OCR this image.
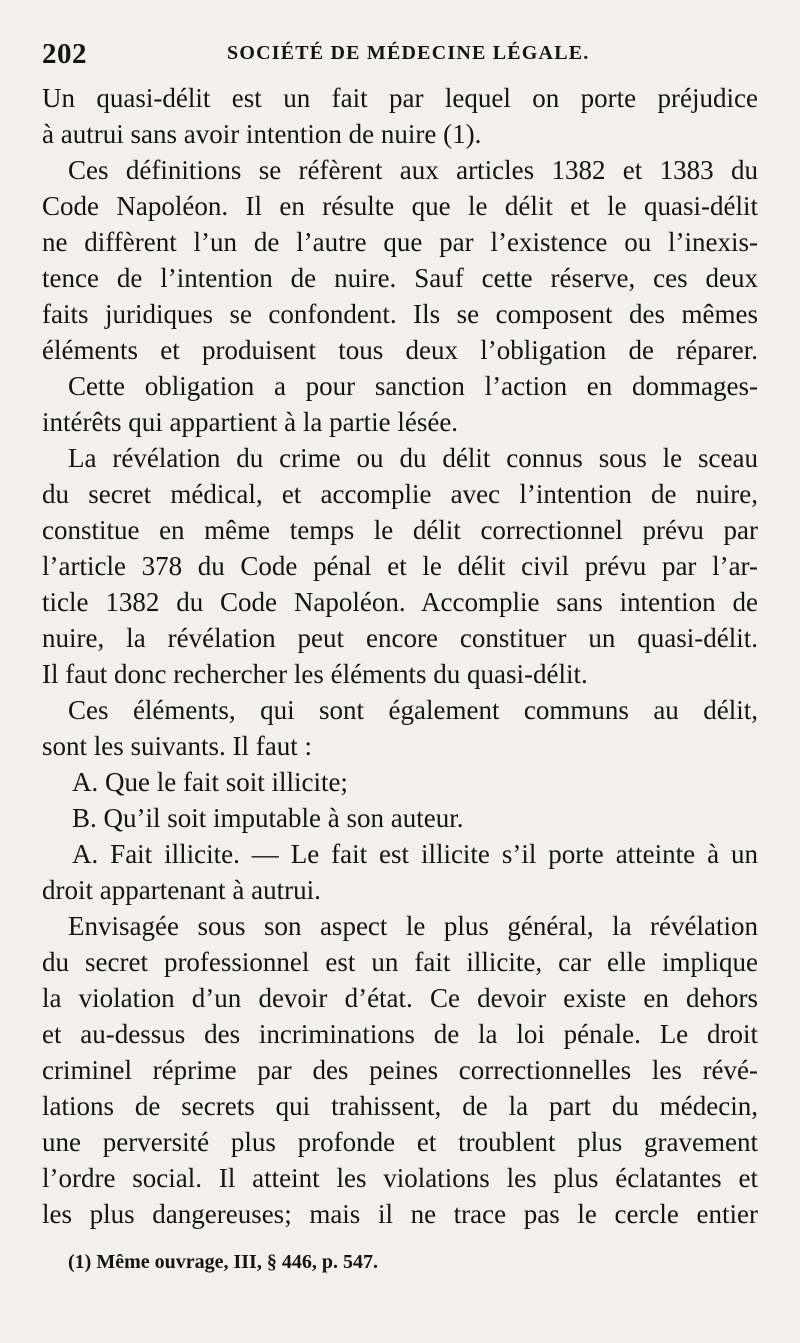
202	SOCIÉTÉ DE MÉDECINE LÉGALE.
Un quasi-délit est un fait par lequel on porte préjudice
à autrui sans avoir intention de nuire (1).
Ces définitions se réfèrent aux articles 1382 et 1383 du
Code Napoléon. Il en résulte que le délit et le quasi-délit
ne diffèrent l’un de l’autre que par l’existence ou l’inexis-
tence de l’intention de nuire. Sauf cette réserve, ces deux
faits juridiques se confondent. Ils se composent des mêmes
éléments et produisent tous deux l’obligation de réparer.
Cette obligation a pour sanction l’action en dommages-
intérêts qui appartient à la partie lésée.
La révélation du crime ou du délit connus sous le sceau
du secret médical, et accomplie avec l’intention de nuire,
constitue en même temps le délit correctionnel prévu par
l’article 378 du Code pénal et le délit civil prévu par l’ar-
ticle 1382 du Code Napoléon. Accomplie sans intention de
nuire, la révélation peut encore constituer un quasi-délit.
Il faut donc rechercher les éléments du quasi-délit.
Ces éléments, qui sont également communs au délit,
sont les suivants. Il faut :
A. Que le fait soit illicite;
B. Qu’il soit imputable à son auteur.
A. Fait illicite. — Le fait est illicite s’il porte atteinte à un
droit appartenant à autrui.
Envisagée sous son aspect le plus général, la révélation
du secret professionnel est un fait illicite, car elle implique
la violation d’un devoir d’état. Ce devoir existe en dehors
et au-dessus des incriminations de la loi pénale. Le droit
criminel réprime par des peines correctionnelles les révé-
lations de secrets qui trahissent, de la part du médecin,
une perversité plus profonde et troublent plus gravement
l’ordre social. Il atteint les violations les plus éclatantes et
les plus dangereuses; mais il ne trace pas le cercle entier
(1) Même ouvrage, III, § 446, p. 547.
